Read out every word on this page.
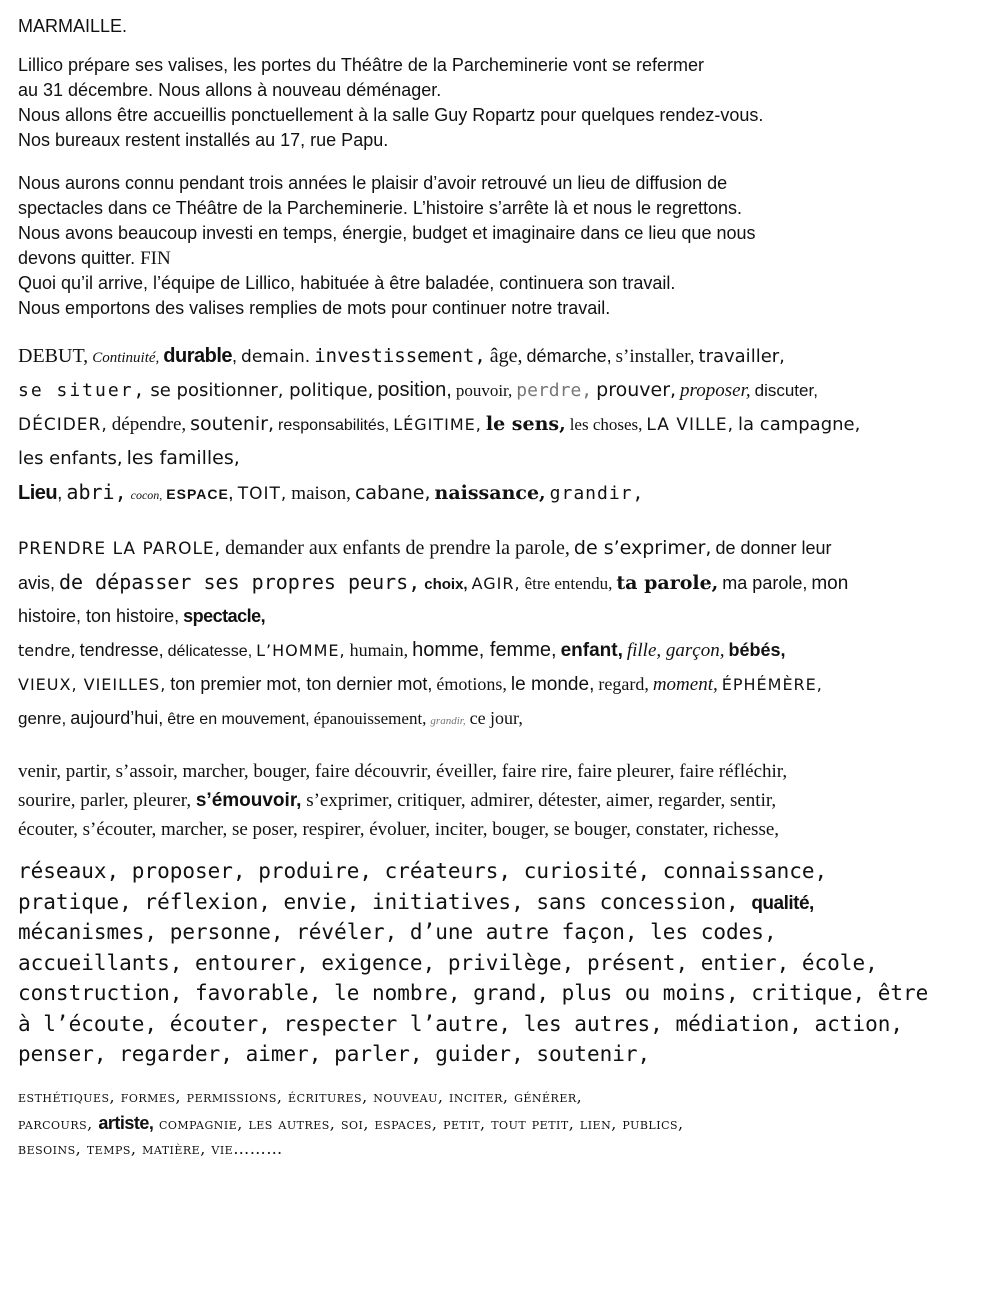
MARMAILLE.
Lillico prépare ses valises, les portes du Théâtre de la Parcheminerie vont se refermer
au 31 décembre. Nous allons à nouveau déménager.
Nous allons être accueillis ponctuellement à la salle Guy Ropartz pour quelques rendez-vous.
Nos bureaux restent installés au 17, rue Papu.
Nous aurons connu pendant trois années le plaisir d’avoir retrouvé un lieu de diffusion de
spectacles dans ce Théâtre de la Parcheminerie. L’histoire s’arrête là et nous le regrettons.
Nous avons beaucoup investi en temps, énergie, budget et imaginaire dans ce lieu que nous
devons quitter. FIN
Quoi qu’il arrive, l’équipe de Lillico, habituée à être baladée, continuera son travail.
Nous emportons des valises remplies de mots pour continuer notre travail.
DEBUT, Continuité, durable, demain. investissement, âge, démarche, s’installer, travailler,
se situer, se positionner, politique, position, pouvoir, perdre, prouver, proposer, discuter,
DÉCIDER, dépendre, soutenir, responsabilités, LÉGITIME, le sens, les choses, LA VILLE, la campagne,
les enfants, les familles,
Lieu, abri, cocon, ESPACE, TOIT, maison, cabane, naissance, grandir,
PRENDRE LA PAROLE, demander aux enfants de prendre la parole, de s’exprimer, de donner leur
avis, de dépasser ses propres peurs, choix, AGIR, être entendu, ta parole, ma parole, mon
histoire, ton histoire, spectacle,
tendre, tendresse, délicatesse, L’HOMME, humain, homme, femme, enfant, fille, garçon, bébés,
VIEUX, VIEILLES, ton premier mot, ton dernier mot, émotions, le monde, regard, moment, ÉPHÉMÈRE,
genre, aujourd’hui, être en mouvement, épanouissement, grandir, ce jour,
venir, partir, s’assoir, marcher, bouger, faire découvrir, éveiller, faire rire, faire pleurer, faire réfléchir,
sourire, parler, pleurer, s’émouvoir, s’exprimer, critiquer, admirer, détester, aimer, regarder, sentir,
écouter, s’écouter, marcher, se poser, respirer, évoluer, inciter, bouger, se bouger, constater, richesse,
réseaux, proposer, produire, créateurs, curiosité, connaissance,
pratique, réflexion, envie, initiatives, sans concession, qualité,
mécanismes, personne, révéler, d’une autre façon, les codes,
accueillants, entourer, exigence, privilège, présent, entier, école,
construction, favorable, le nombre, grand, plus ou moins, critique, être
à l’écoute, écouter, respecter l’autre, les autres, médiation, action,
penser, regarder, aimer, parler, guider, soutenir,
esthétiques, formes, permissions, écritures, nouveau, inciter, générer,
parcours, artiste, compagnie, les autres, soi, espaces, petit, tout petit, lien, publics,
besoins, temps, matière, vie………
